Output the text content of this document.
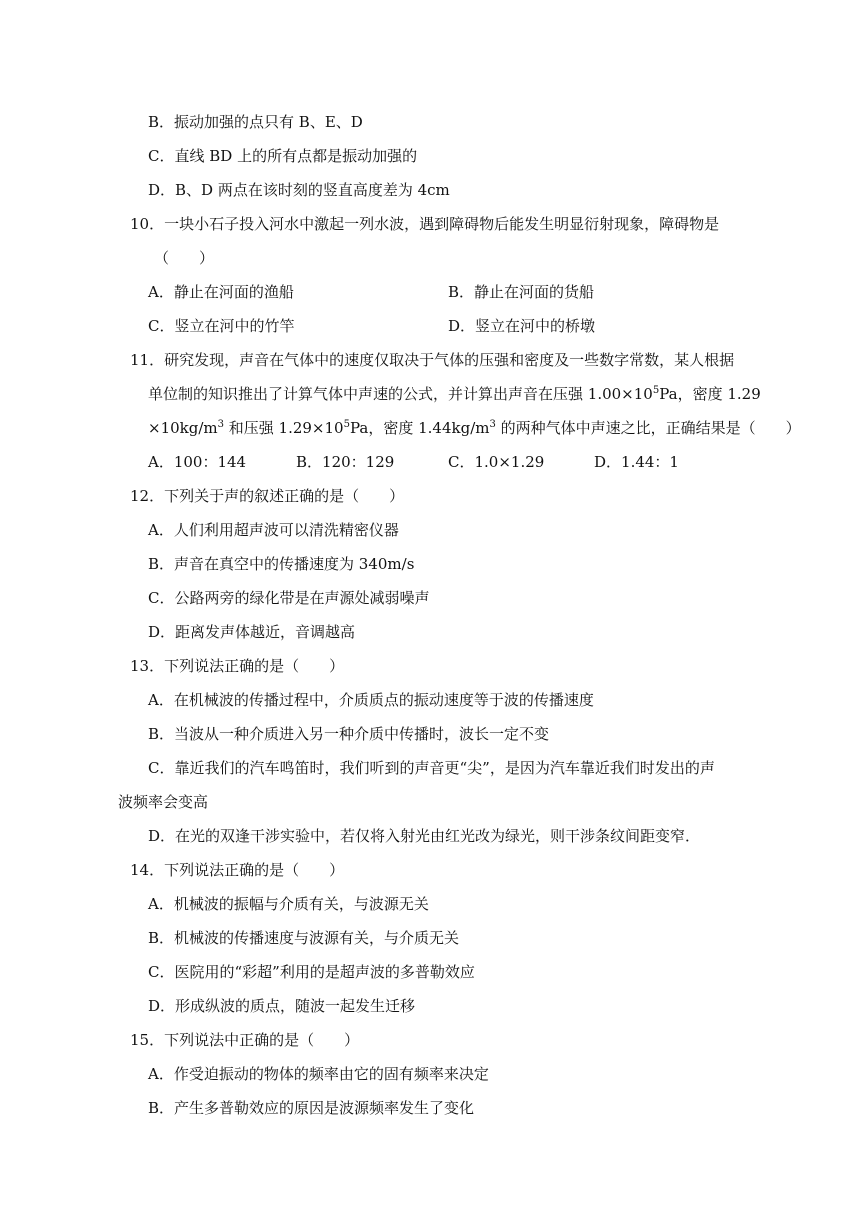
B．振动加强的点只有 B、E、D
C．直线 BD 上的所有点都是振动加强的
D．B、D 两点在该时刻的竖直高度差为 4cm
10．一块小石子投入河水中激起一列水波，遇到障碍物后能发生明显衍射现象，障碍物是
（　　）
A．静止在河面的渔船	B．静止在河面的货船
C．竖立在河中的竹竿	D．竖立在河中的桥墩
11．研究发现，声音在气体中的速度仅取决于气体的压强和密度及一些数字常数，某人根据
单位制的知识推出了计算气体中声速的公式，并计算出声音在压强 $1.00\times 10^5Pa$，密度 1.29
$\times 10kg/m^3$ 和压强 $1.29\times 10^5Pa$，密度 $1.44kg/m^3$ 的两种气体中声速之比，正确结果是（　　）
A．100：144	B．120：129	C．1.0×1.29	D．1.44：1
12．下列关于声的叙述正确的是（　　）
A．人们利用超声波可以清洗精密仪器
B．声音在真空中的传播速度为 340m/s
C．公路两旁的绿化带是在声源处减弱噪声
D．距离发声体越近，音调越高
13．下列说法正确的是（　　）
A．在机械波的传播过程中，介质质点的振动速度等于波的传播速度
B．当波从一种介质进入另一种介质中传播时，波长一定不变
C．靠近我们的汽车鸣笛时，我们听到的声音更“尖”，是因为汽车靠近我们时发出的声
波频率会变高
D．在光的双逢干涉实验中，若仅将入射光由红光改为绿光，则干涉条纹间距变窄．
14．下列说法正确的是（　　）
A．机械波的振幅与介质有关，与波源无关
B．机械波的传播速度与波源有关，与介质无关
C．医院用的“彩超”利用的是超声波的多普勒效应
D．形成纵波的质点，随波一起发生迁移
15．下列说法中正确的是（　　）
A．作受迫振动的物体的频率由它的固有频率来决定
B．产生多普勒效应的原因是波源频率发生了变化
